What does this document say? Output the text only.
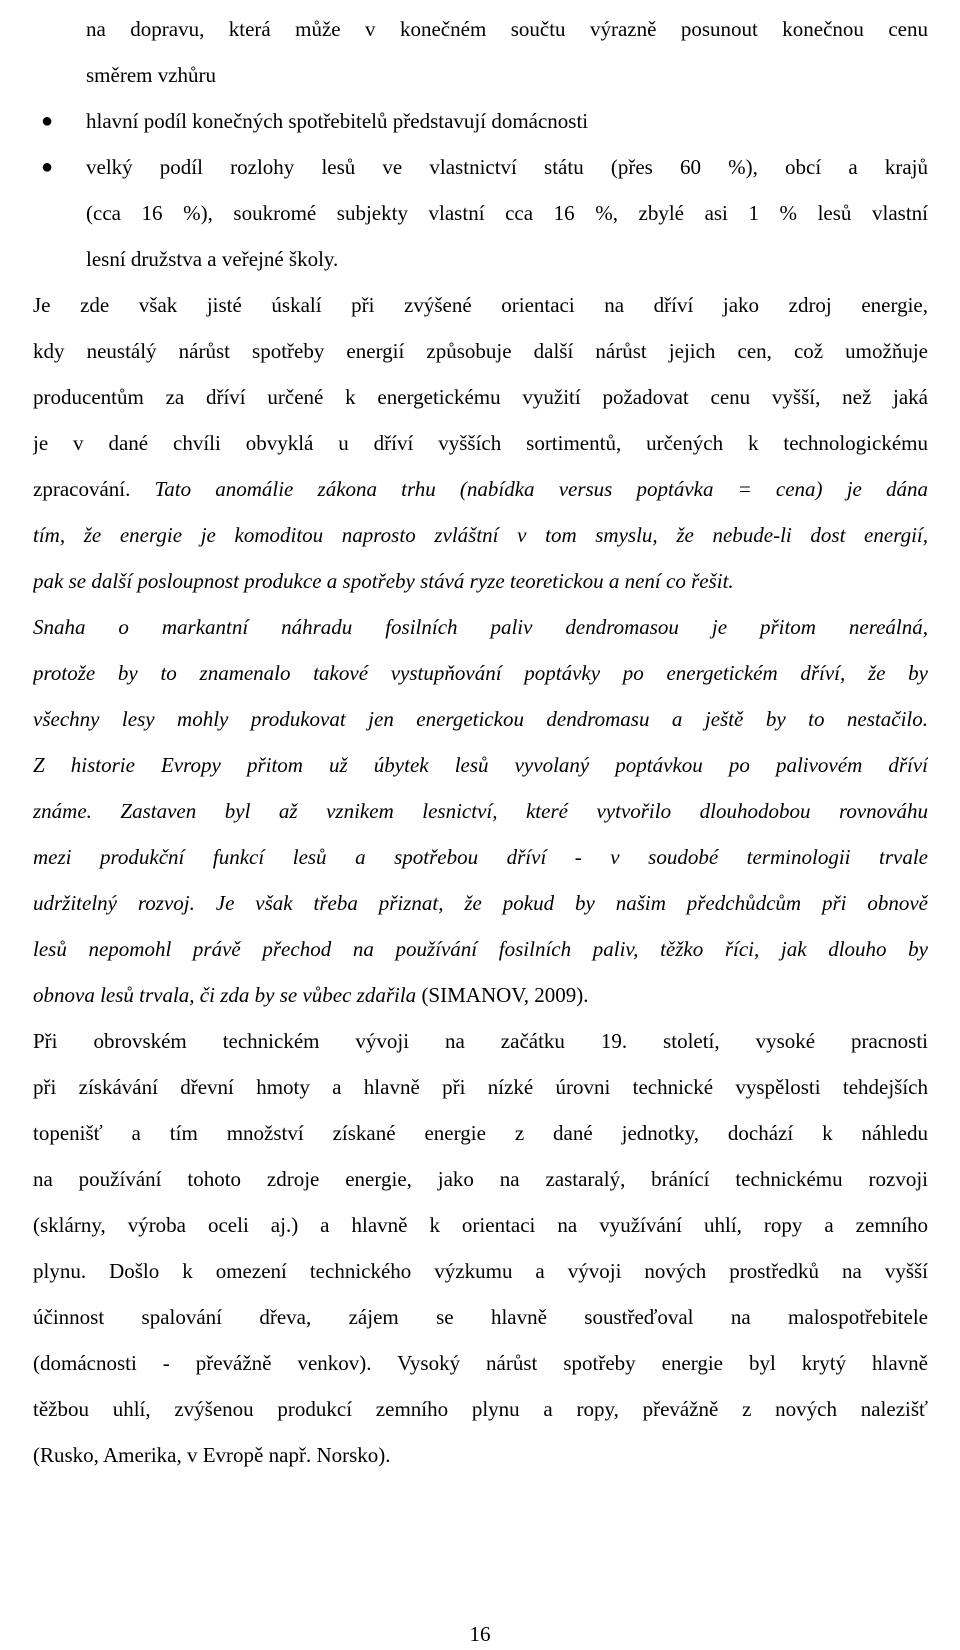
na dopravu, která může v konečném součtu výrazně posunout konečnou cenu
směrem vzhůru
● hlavní podíl konečných spotřebitelů představují domácnosti
● velký podíl rozlohy lesů ve vlastnictví státu (přes 60 %), obcí a krajů
(cca 16 %), soukromé subjekty vlastní cca 16 %, zbylé asi 1 % lesů vlastní
lesní družstva a veřejné školy.
Je zde však jisté úskalí při zvýšené orientaci na dříví jako zdroj energie,
kdy neustálý nárůst spotřeby energií způsobuje další nárůst jejich cen, což umožňuje
producentům za dříví určené k energetickému využití požadovat cenu vyšší, než jaká
je v dané chvíli obvyklá u dříví vyšších sortimentů, určených k technologickému
zpracování. Tato anomálie zákona trhu (nabídka versus poptávka = cena) je dána
tím, že energie je komoditou naprosto zvláštní v tom smyslu, že nebude-li dost energií,
pak se další posloupnost produkce a spotřeby stává ryze teoretickou a není co řešit.
Snaha o markantní náhradu fosilních paliv dendromasou je přitom nereálná,
protože by to znamenalo takové vystupňování poptávky po energetickém dříví, že by
všechny lesy mohly produkovat jen energetickou dendromasu a ještě by to nestačilo.
Z historie Evropy přitom už úbytek lesů vyvolaný poptávkou po palivovém dříví
známe. Zastaven byl až vznikem lesnictví, které vytvořilo dlouhodobou rovnováhu
mezi produkční funkcí lesů a spotřebou dříví - v soudobé terminologii trvale
udržitelný rozvoj. Je však třeba přiznat, že pokud by našim předchůdcům při obnově
lesů nepomohl právě přechod na používání fosilních paliv, těžko říci, jak dlouho by
obnova lesů trvala, či zda by se vůbec zdařila (SIMANOV, 2009).
Při obrovském technickém vývoji na začátku 19. století, vysoké pracnosti
při získávání dřevní hmoty a hlavně při nízké úrovni technické vyspělosti tehdejších
topenišť a tím množství získané energie z dané jednotky, dochází k náhledu
na používání tohoto zdroje energie, jako na zastaralý, bránící technickému rozvoji
(sklárny, výroba oceli aj.) a hlavně k orientaci na využívání uhlí, ropy a zemního
plynu. Došlo k omezení technického výzkumu a vývoji nových prostředků na vyšší
účinnost spalování dřeva, zájem se hlavně soustřeďoval na malospotřebitele
(domácnosti - převážně venkov). Vysoký nárůst spotřeby energie byl krytý hlavně
těžbou uhlí, zvýšenou produkcí zemního plynu a ropy, převážně z nových nalezišť
(Rusko, Amerika, v Evropě např. Norsko).
16
